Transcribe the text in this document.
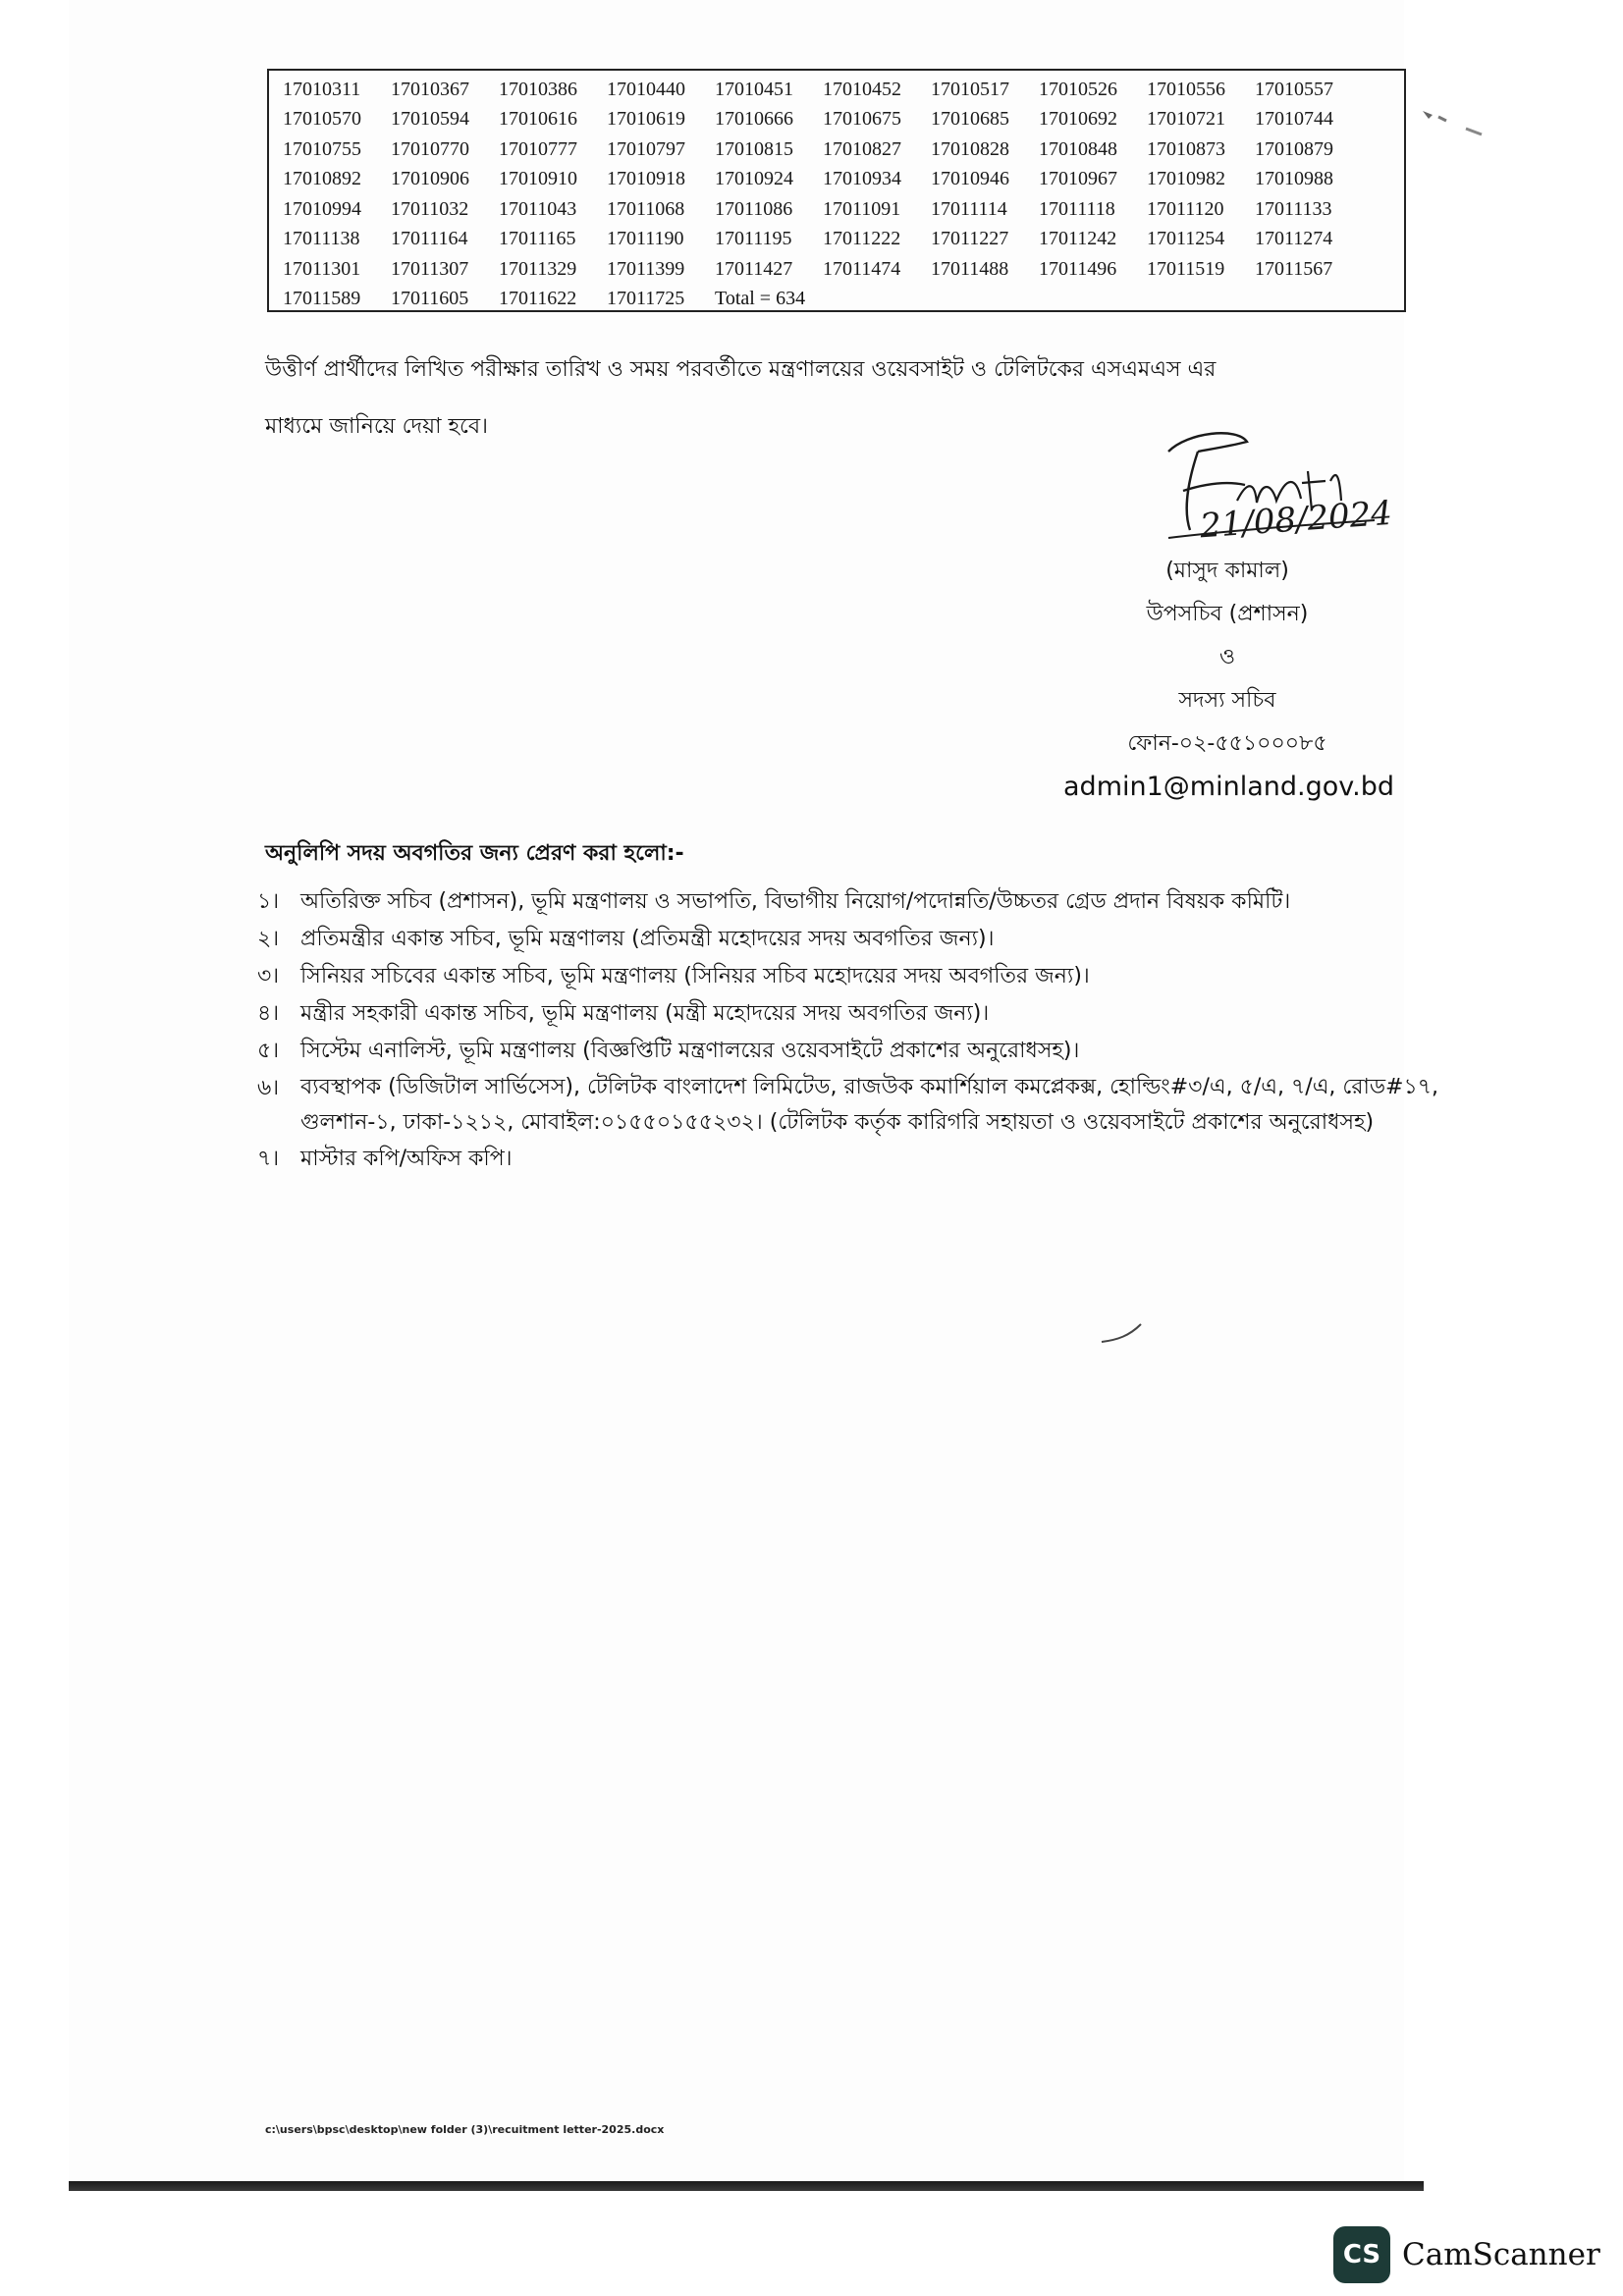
17010311	17010367	17010386	17010440	17010451	17010452	17010517	17010526	17010556	17010557
17010570	17010594	17010616	17010619	17010666	17010675	17010685	17010692	17010721	17010744
17010755	17010770	17010777	17010797	17010815	17010827	17010828	17010848	17010873	17010879
17010892	17010906	17010910	17010918	17010924	17010934	17010946	17010967	17010982	17010988
17010994	17011032	17011043	17011068	17011086	17011091	17011114	17011118	17011120	17011133
17011138	17011164	17011165	17011190	17011195	17011222	17011227	17011242	17011254	17011274
17011301	17011307	17011329	17011399	17011427	17011474	17011488	17011496	17011519	17011567
17011589	17011605	17011622	17011725	Total = 634
উত্তীর্ণ প্রার্থীদের লিখিত পরীক্ষার তারিখ ও সময় পরবর্তীতে মন্ত্রণালয়ের ওয়েবসাইট ও টেলিটকের এসএমএস এর
মাধ্যমে জানিয়ে দেয়া হবে।
21/08/2024
(মাসুদ কামাল)
উপসচিব (প্রশাসন)
ও
সদস্য সচিব
ফোন-০২-৫৫১০০০৮৫
admin1@minland.gov.bd
অনুলিপি সদয় অবগতির জন্য প্রেরণ করা হলো:-
১। অতিরিক্ত সচিব (প্রশাসন), ভূমি মন্ত্রণালয় ও সভাপতি, বিভাগীয় নিয়োগ/পদোন্নতি/উচ্চতর গ্রেড প্রদান বিষয়ক কমিটি।
২। প্রতিমন্ত্রীর একান্ত সচিব, ভূমি মন্ত্রণালয় (প্রতিমন্ত্রী মহোদয়ের সদয় অবগতির জন্য)।
৩। সিনিয়র সচিবের একান্ত সচিব, ভূমি মন্ত্রণালয় (সিনিয়র সচিব মহোদয়ের সদয় অবগতির জন্য)।
৪। মন্ত্রীর সহকারী একান্ত সচিব, ভূমি মন্ত্রণালয় (মন্ত্রী মহোদয়ের সদয় অবগতির জন্য)।
৫। সিস্টেম এনালিস্ট, ভূমি মন্ত্রণালয় (বিজ্ঞপ্তিটি মন্ত্রণালয়ের ওয়েবসাইটে প্রকাশের অনুরোধসহ)।
৬। ব্যবস্থাপক (ডিজিটাল সার্ভিসেস), টেলিটক বাংলাদেশ লিমিটেড, রাজউক কমার্শিয়াল কমপ্লেকক্স, হোল্ডিং#৩/এ, ৫/এ, ৭/এ, রোড#১৭, গুলশান-১, ঢাকা-১২১২, মোবাইল:০১৫৫০১৫৫২৩২। (টেলিটক কর্তৃক কারিগরি সহায়তা ও ওয়েবসাইটে প্রকাশের অনুরোধসহ)
৭। মাস্টার কপি/অফিস কপি।
c:\users\bpsc\desktop\new folder (3)\recuitment letter-2025.docx
CS CamScanner
